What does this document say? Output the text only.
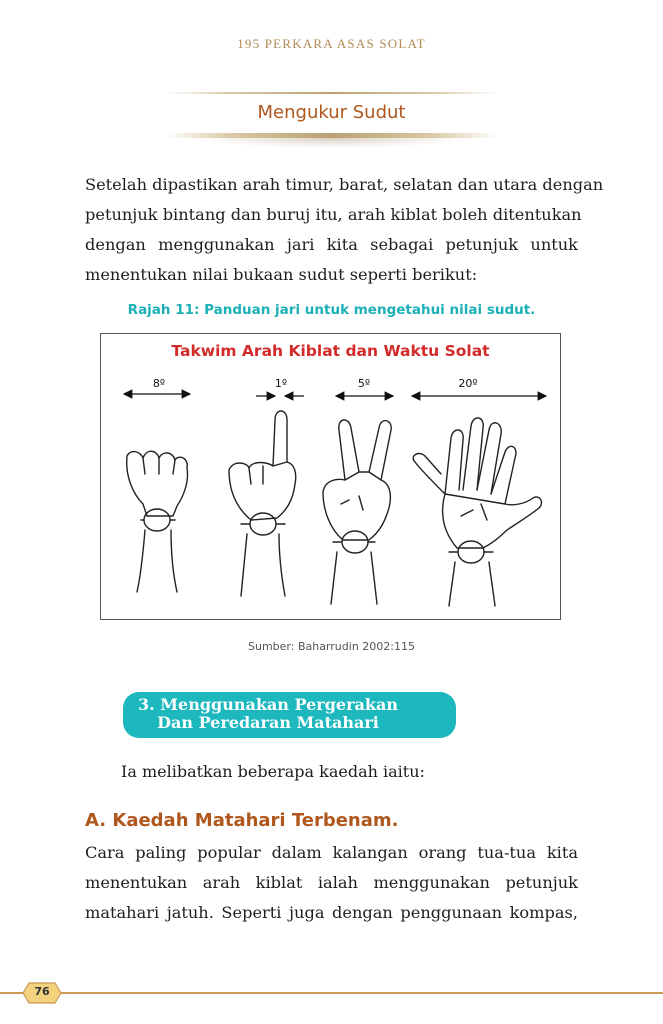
195 PERKARA ASAS SOLAT
Mengukur Sudut
Setelah dipastikan arah timur, barat, selatan dan utara dengan
petunjuk bintang dan buruj itu, arah kiblat boleh ditentukan
dengan menggunakan jari kita sebagai petunjuk untuk
menentukan nilai bukaan sudut seperti berikut:
Rajah 11: Panduan jari untuk mengetahui nilai sudut.
Takwim Arah Kiblat dan Waktu Solat
8º	1º	5º	20º
Sumber: Baharrudin 2002:115
3. Menggunakan Pergerakan
Dan Peredaran Matahari
Ia melibatkan beberapa kaedah iaitu:
A. Kaedah Matahari Terbenam.
Cara paling popular dalam kalangan orang tua-tua kita
menentukan arah kiblat ialah menggunakan petunjuk
matahari jatuh. Seperti juga dengan penggunaan kompas,
76
